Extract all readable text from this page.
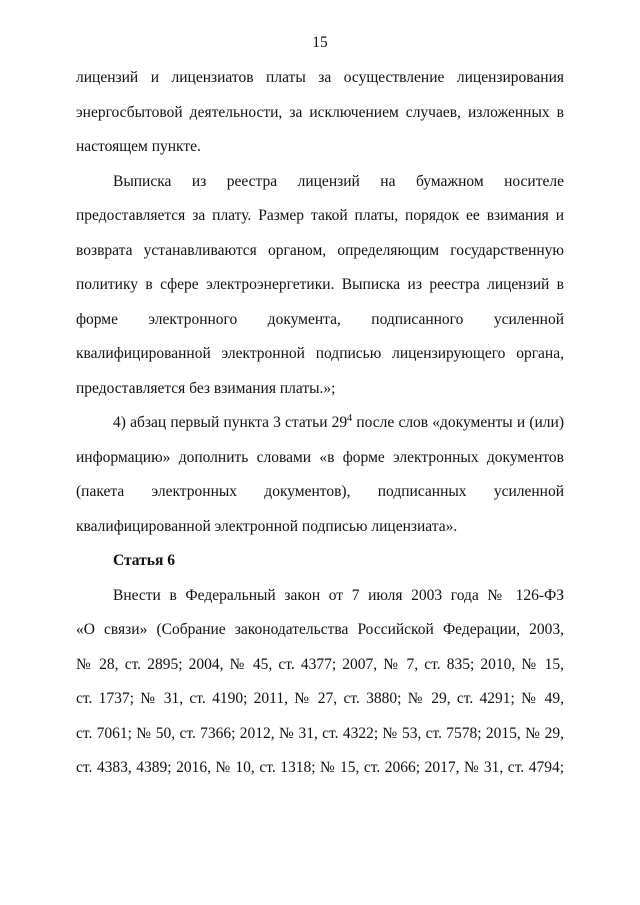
15
лицензий и лицензиатов платы за осуществление лицензирования
энергосбытовой деятельности, за исключением случаев, изложенных в
настоящем пункте.
Выписка из реестра лицензий на бумажном носителе
предоставляется за плату. Размер такой платы, порядок ее взимания и
возврата устанавливаются органом, определяющим государственную
политику в сфере электроэнергетики. Выписка из реестра лицензий в
форме электронного документа, подписанного усиленной
квалифицированной электронной подписью лицензирующего органа,
предоставляется без взимания платы.»;
4) абзац первый пункта 3 статьи $29^4$ после слов «документы и (или)
информацию» дополнить словами «в форме электронных документов
(пакета электронных документов), подписанных усиленной
квалифицированной электронной подписью лицензиата».
Статья 6
Внести в Федеральный закон от 7 июля 2003 года № 126-ФЗ
«О связи» (Собрание законодательства Российской Федерации, 2003,
№ 28, ст. 2895; 2004, № 45, ст. 4377; 2007, № 7, ст. 835; 2010, № 15,
ст. 1737; № 31, ст. 4190; 2011, № 27, ст. 3880; № 29, ст. 4291; № 49,
ст. 7061; № 50, ст. 7366; 2012, № 31, ст. 4322; № 53, ст. 7578; 2015, № 29,
ст. 4383, 4389; 2016, № 10, ст. 1318; № 15, ст. 2066; 2017, № 31, ст. 4794;
